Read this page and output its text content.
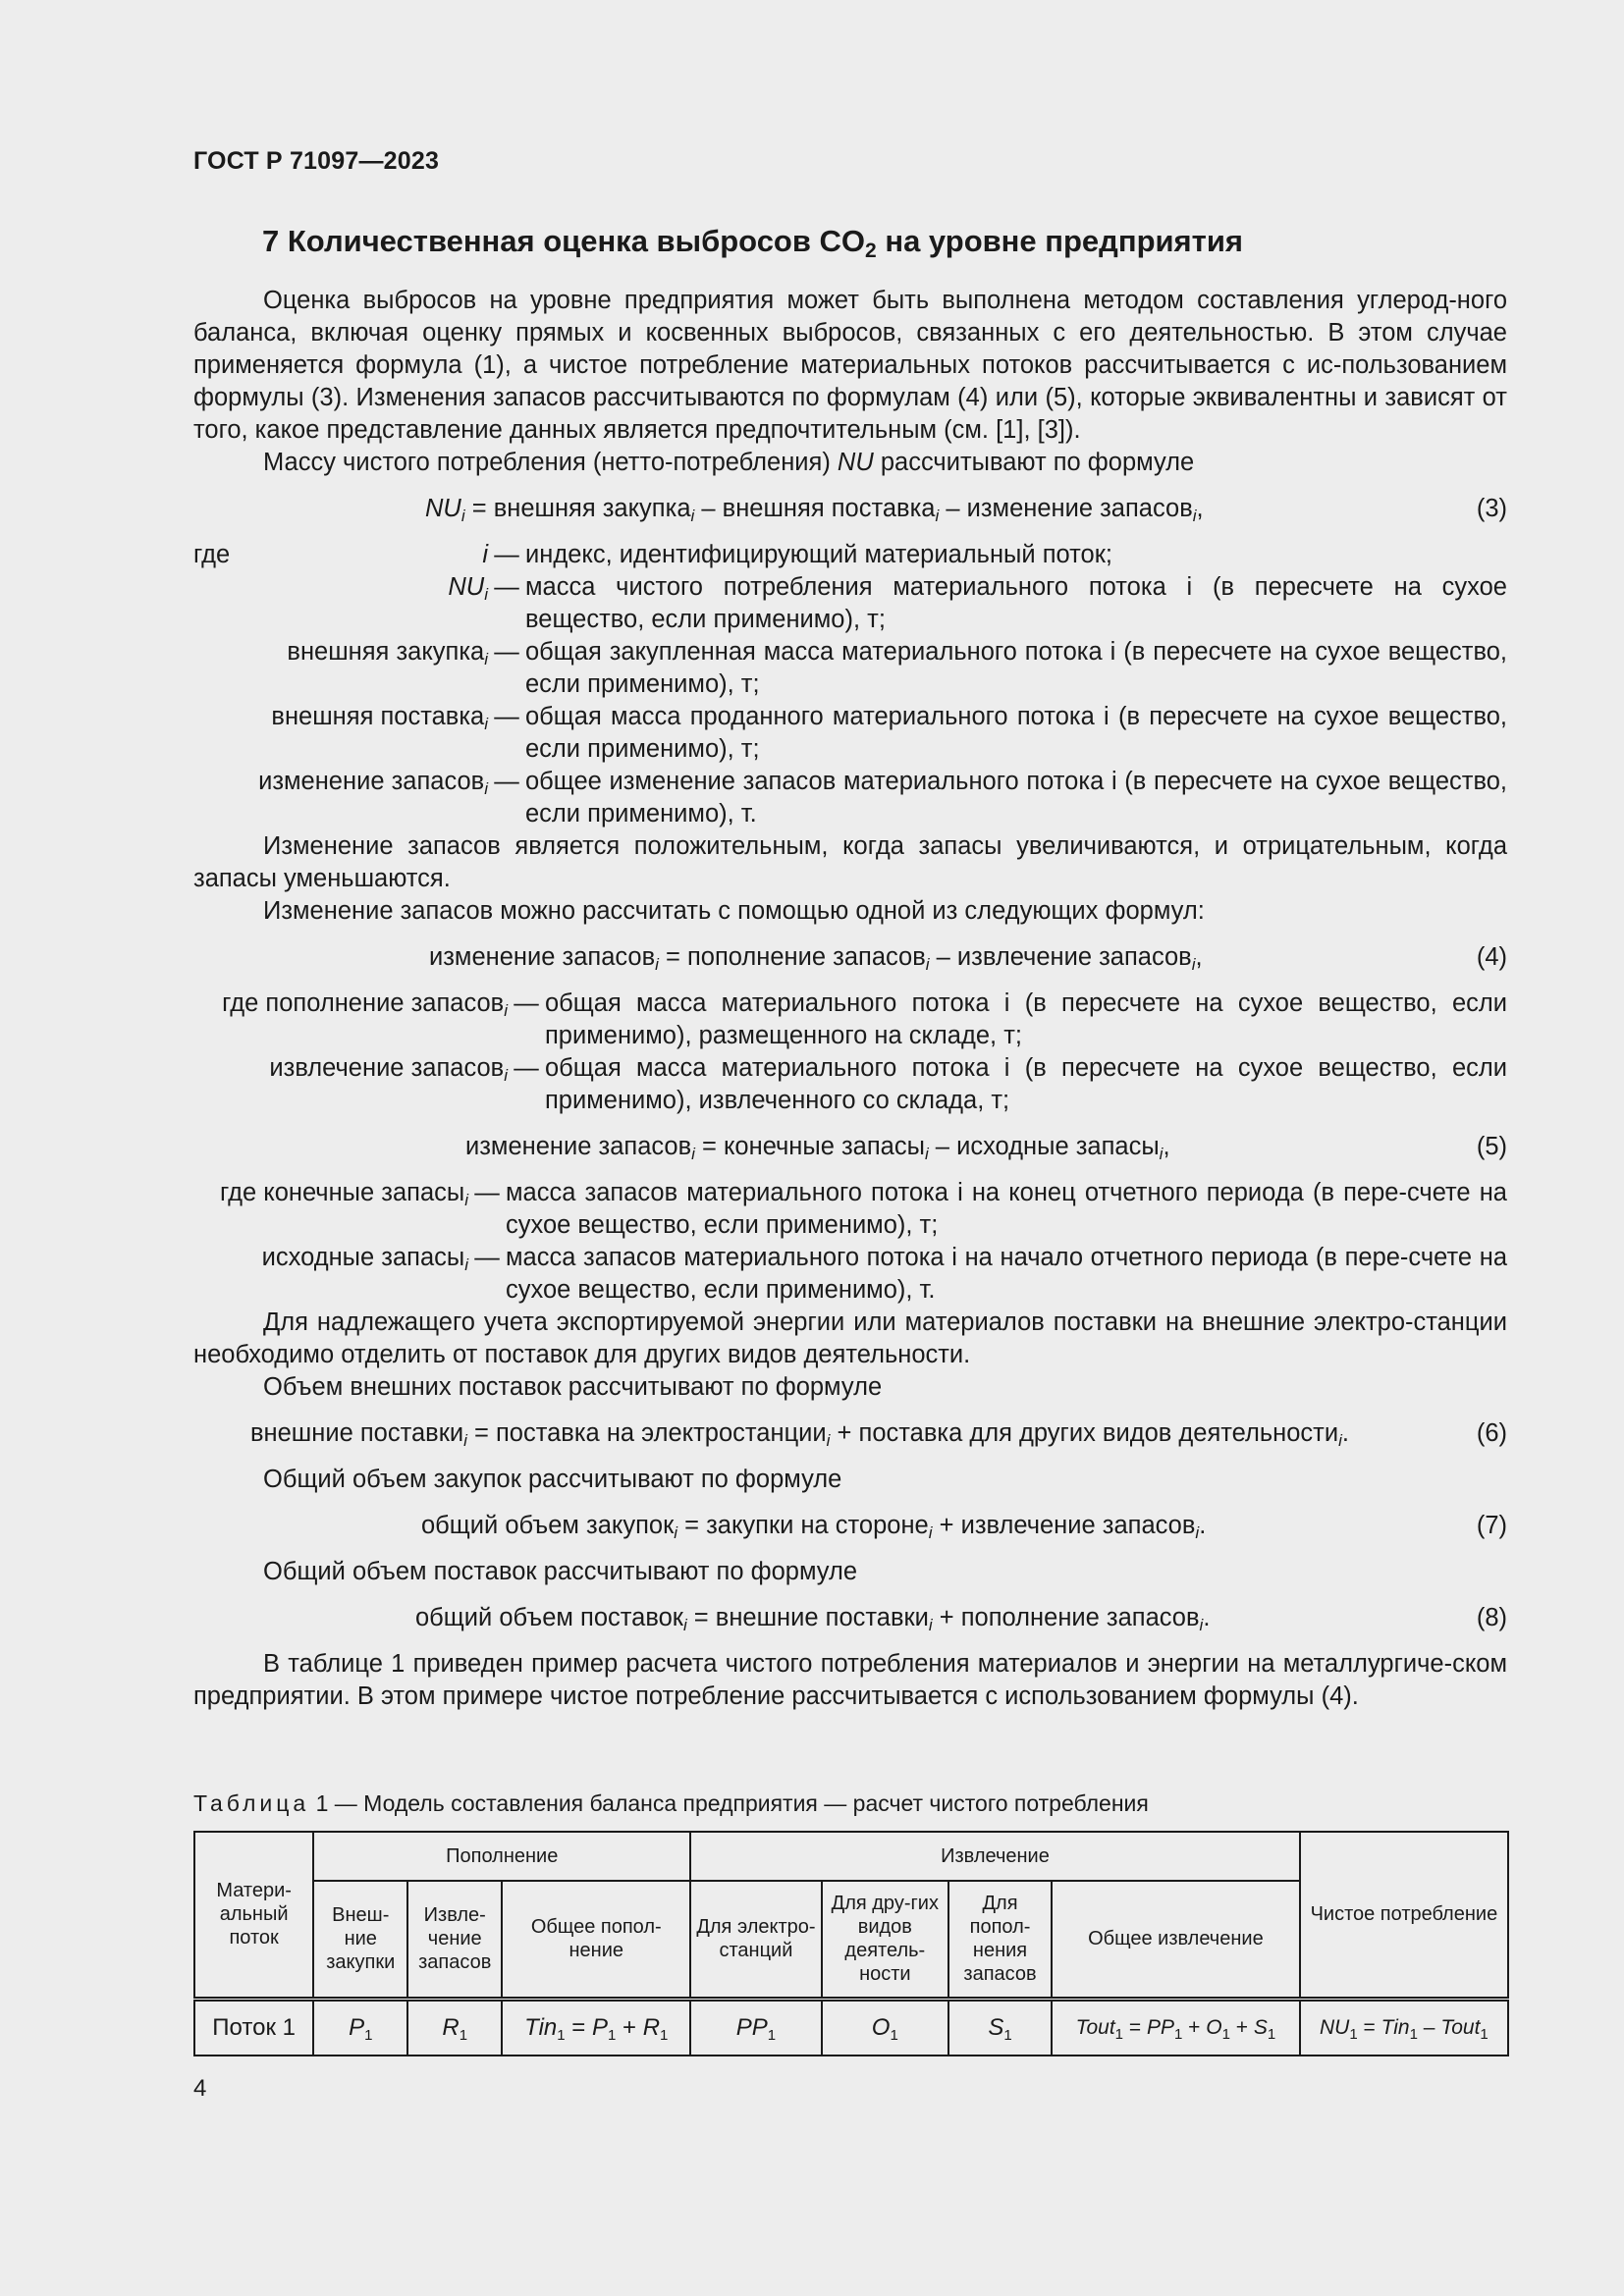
ГОСТ Р 71097—2023
7 Количественная оценка выбросов $CO_2$ на уровне предприятия

Оценка выбросов на уровне предприятия может быть выполнена методом составления углерод-ного баланса, включая оценку прямых и косвенных выбросов, связанных с его деятельностью. В этом случае применяется формула (1), а чистое потребление материальных потоков рассчитывается с ис-пользованием формулы (3). Изменения запасов рассчитываются по формулам (4) или (5), которые эквивалентны и зависят от того, какое представление данных является предпочтительным (см. [1], [3]).

Массу чистого потребления (нетто-потребления) NU рассчитывают по формуле

$NU_i$ = внешняя закупка$_i$ – внешняя поставка$_i$ – изменение запасов$_i$,	(3)
где	i — индекс, идентифицирующий материальный поток;
$NU_i$ — масса чистого потребления материального потока i (в пересчете на сухое вещество, если применимо), т;
внешняя закупка$_i$ — общая закупленная масса материального потока i (в пересчете на сухое вещество, если применимо), т;
внешняя поставка$_i$ — общая масса проданного материального потока i (в пересчете на сухое вещество, если применимо), т;
изменение запасов$_i$ — общее изменение запасов материального потока i (в пересчете на сухое вещество, если применимо), т.

Изменение запасов является положительным, когда запасы увеличиваются, и отрицательным, когда запасы уменьшаются.

Изменение запасов можно рассчитать с помощью одной из следующих формул:

изменение запасов$_i$ = пополнение запасов$_i$ – извлечение запасов$_i$,	(4)
где пополнение запасов$_i$ — общая масса материального потока i (в пересчете на сухое вещество, если применимо), размещенного на складе, т;
извлечение запасов$_i$ — общая масса материального потока i (в пересчете на сухое вещество, если применимо), извлеченного со склада, т;
изменение запасов$_i$ = конечные запасы$_i$ – исходные запасы$_i$,	(5)
где конечные запасы$_i$ — масса запасов материального потока i на конец отчетного периода (в пере-счете на сухое вещество, если применимо), т;
исходные запасы$_i$ — масса запасов материального потока i на начало отчетного периода (в пере-счете на сухое вещество, если применимо), т.

Для надлежащего учета экспортируемой энергии или материалов поставки на внешние электро-станции необходимо отделить от поставок для других видов деятельности.

Объем внешних поставок рассчитывают по формуле

внешние поставки$_i$ = поставка на электростанции$_i$ + поставка для других видов деятельности$_i$.	(6)

Общий объем закупок рассчитывают по формуле

общий объем закупок$_i$ = закупки на стороне$_i$ + извлечение запасов$_i$.	(7)

Общий объем поставок рассчитывают по формуле

общий объем поставок$_i$ = внешние поставки$_i$ + пополнение запасов$_i$.	(8)

В таблице 1 приведен пример расчета чистого потребления материалов и энергии на металлургиче-ском предприятии. В этом примере чистое потребление рассчитывается с использованием формулы (4).

Таблица 1 — Модель составления баланса предприятия — расчет чистого потребления
Матери-альный поток	Пополнение			Извлечение				Чистое потребление
	Внеш-ние закупки	Извле-чение запасов	Общее попол-нение	Для электро-станций	Для дру-гих видов деятель-ности	Для попол-нения запасов	Общее извлечение	
Поток 1	$P_1$	$R_1$	$Tin_1 = P_1 + R_1$	$PP_1$	$O_1$	$S_1$	Tout$_1$ = $PP_1 + O_1 + S_1$	$NU_1 = Tin_1$ – Tout$_1$
4
